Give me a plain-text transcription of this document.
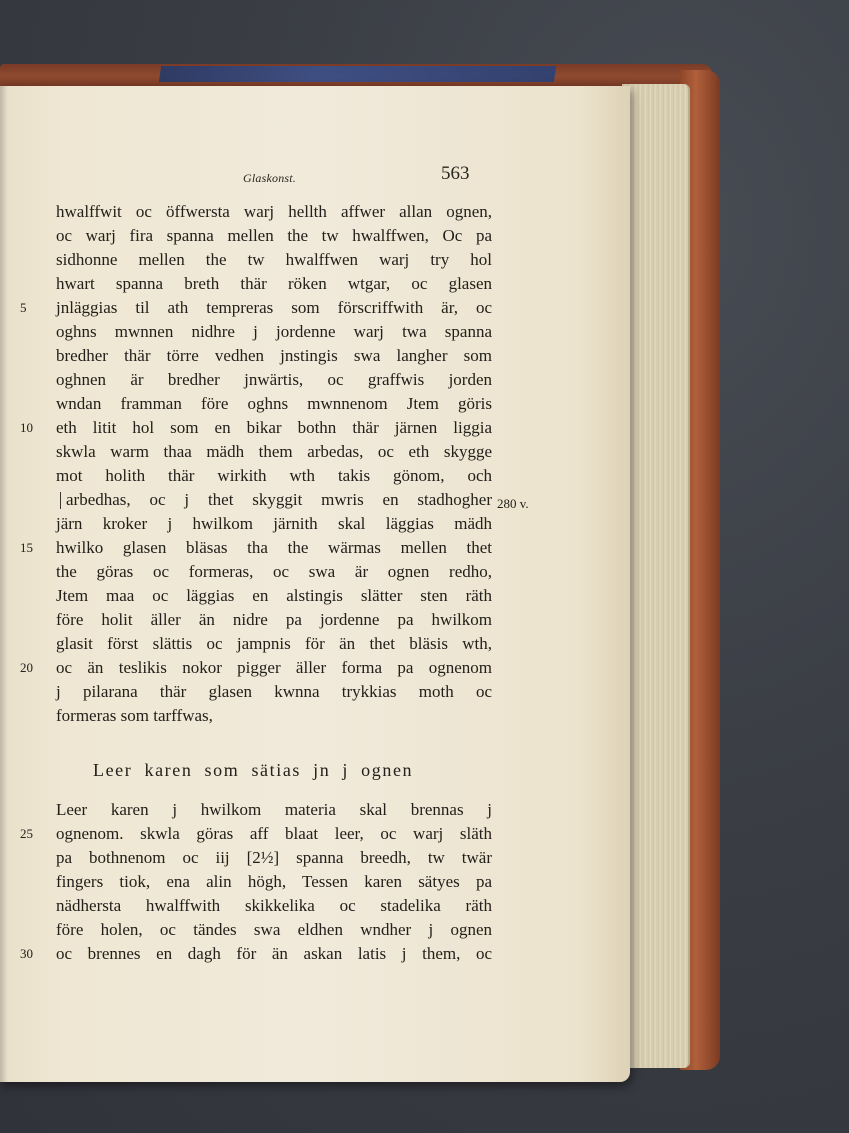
Glaskonst.	563
hwalffwit oc öffwersta warj hellth affwer allan ognen,
oc warj fira spanna mellen the tw hwalffwen, Oc pa
sidhonne mellen the tw hwalffwen warj try hol
hwart spanna breth thär röken wtgar, oc glasen
jnläggias til ath tempreras som förscriffwith är, oc
oghns mwnnen nidhre j jordenne warj twa spanna
bredher thär törre vedhen jnstingis swa langher som
oghnen är bredher jnwärtis, oc graffwis jorden
wndan framman före oghns mwnnenom Jtem göris
eth litit hol som en bikar bothn thär järnen liggia
skwla warm thaa mädh them arbedas, oc eth skygge
mot holith thär wirkith wth takis gönom, och
arbedhas, oc j thet skyggit mwris en stadhogher
järn kroker j hwilkom järnith skal läggias mädh
hwilko glasen bläsas tha the wärmas mellen thet
the göras oc formeras, oc swa är ognen redho,
Jtem maa oc läggias en alstingis slätter sten räth
före holit äller än nidre pa jordenne pa hwilkom
glasit först slättis oc jampnis för än thet bläsis wth,
oc än teslikis nokor pigger äller forma pa ognenom
j pilarana thär glasen kwnna trykkias moth oc
formeras som tarffwas,
280 v.
Leer karen som sätias jn j ognen
Leer karen j hwilkom materia skal brennas j
ognenom. skwla göras aff blaat leer, oc warj släth
pa bothnenom oc iij [2½] spanna breedh, tw twär
fingers tiok, ena alin högh, Tessen karen sätyes pa
nädhersta hwalffwith skikkelika oc stadelika räth
före holen, oc tändes swa eldhen wndher j ognen
oc brennes en dagh för än askan latis j them, oc
5
10
15
20
25
30
